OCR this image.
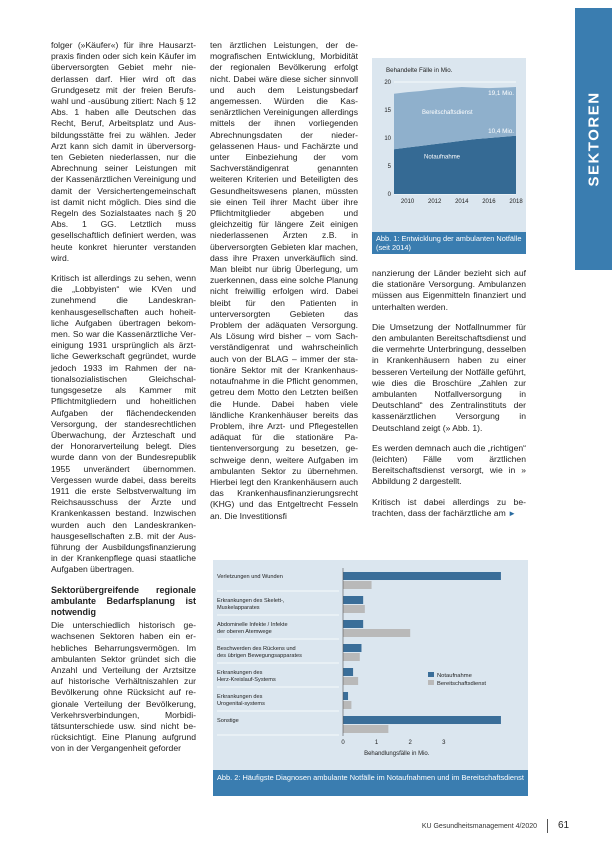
SEKTOREN

folger (»Käufer«) für ihre Hausarztpraxis finden oder sich kein Käufer im überversorgten Gebiet mehr niederlassen darf. Hier wird oft das Grundgesetz mit der freien Berufswahl und -ausübung zitiert: Nach § 12 Abs. 1 haben alle Deutschen das Recht, Beruf, Arbeitsplatz und Ausbildungsstätte frei zu wählen. Jeder Arzt kann sich damit in überversorgten Gebieten niederlassen, nur die Abrechnung seiner Leistungen mit der Kassenärztlichen Vereinigung und damit der Versichertengemeinschaft ist damit nicht möglich. Dies sind die Regeln des Sozialstaates nach § 20 Abs. 1 GG. Letztlich muss gesellschaftlich definiert werden, was heute konkret hierunter verstanden wird.

Kritisch ist allerdings zu sehen, wenn die „Lobbyisten“ wie KVen und zunehmend die Landeskrankenhausgesellschaften auch hoheitliche Aufgaben übertragen bekommen. So war die Kassenärztliche Vereinigung 1931 ursprünglich als ärztliche Gewerkschaft gegründet, wurde jedoch 1933 im Rahmen der nationalsozialistischen Gleichschaltungsgesetze als Kammer mit Pflichtmitgliedern und hoheitlichen Aufgaben der flächendeckenden Versorgung, der standesrechtlichen Überwachung, der Ärzteschaft und der Honorarverteilung belegt. Dies wurde dann von der Bundesrepublik 1955 unverändert übernommen. Vergessen wurde dabei, dass bereits 1911 die erste Selbstverwaltung im Reichsausschuss der Ärzte und Krankenkassen bestand. Inzwischen wurden auch den Landeskrankenhausgesellschaften z.B. mit der Ausführung der Ausbildungsfinanzierung in der Krankenpflege quasi staatliche Aufgaben übertragen.

Sektorübergreifende regionale ambulante Bedarfsplanung ist notwendig

Die unterschiedlich historisch gewachsenen Sektoren haben ein erhebliches Beharrungsvermögen. Im ambulanten Sektor gründet sich die Anzahl und Verteilung der Arztsitze auf historische Verhältniszahlen zur Bevölkerung ohne Rücksicht auf regionale Verteilung der Bevölkerung, Verkehrsverbindungen, Morbiditätsunterschiede usw. sind nicht berücksichtigt. Eine Planung aufgrund von in der Vergangenheit geforder

ten ärztlichen Leistungen, der demografischen Entwicklung, Morbidität der regionalen Bevölkerung erfolgt nicht. Dabei wäre diese sicher sinnvoll und auch dem Leistungsbedarf angemessen. Würden die Kassenärztlichen Vereinigungen allerdings mittels der ihnen vorliegenden Abrechnungsdaten der niedergelassenen Haus- und Fachärzte und unter Einbeziehung der vom Sachverständigenrat genannten weiteren Kriterien und Beteiligten des Gesundheitswesens planen, müssten sie einen Teil ihrer Macht über ihre Pflichtmitglieder abgeben und gleichzeitig für längere Zeit einigen niederlassenen Ärzten z.B. in überversorgten Gebieten klar machen, dass ihre Praxen unverkäuflich sind. Man bleibt nur übrig Überlegung, um zuerkennen, dass eine solche Planung nicht freiwillig erfolgen wird. Dabei bleibt für den Patienten in unterversorgten Gebieten das Problem der adäquaten Versorgung. Als Lösung wird bisher – vom Sachverständigenrat und wahrscheinlich auch von der BLAG – immer der stationäre Sektor mit der Krankenhausnotaufnahme in die Pflicht genommen, getreu dem Motto den Letzten beißen die Hunde. Dabei haben viele ländliche Krankenhäuser bereits das Problem, ihre Arzt- und Pflegestellen adäquat für die stationäre Patientenversorgung zu besetzen, geschweige denn, weitere Aufgaben im ambulanten Sektor zu übernehmen. Hierbei legt den Krankenhäusern auch das Krankenhausfinanzierungsrecht (KHG) und das Entgeltrecht Fesseln an. Die Investitionsfi

nanzierung der Länder bezieht sich auf die stationäre Versorgung. Ambulanzen müssen aus Eigenmitteln finanziert und unterhalten werden.

Die Umsetzung der Notfallnummer für den ambulanten Bereitschaftsdienst und die vermehrte Unterbringung, desselben in Krankenhäusern haben zu einer besseren Verteilung der Notfälle geführt, wie dies die Broschüre „Zahlen zur ambulanten Notfallversorgung in Deutschland“ des Zentralinstituts der kassenärztlichen Versorgung in Deutschland zeigt (» Abb. 1).

Es werden demnach auch die „richtigen“ (leichten) Fälle vom ärztlichen Bereitschaftsdienst versorgt, wie in » Abbildung 2 dargestellt.

Kritisch ist dabei allerdings zu betrachten, dass der fachärztliche am ►

Behandelte Fälle in Mio.
0
5
10
15
20
Notaufnahme
Bereitschaftsdienst
19,1 Mio.
10,4 Mio.
2010 2012 2014 2016 2018
Abb. 1: Entwicklung der ambulanten Notfälle (seit 2014)
0	1	2	3
Behandlungsfälle in Mio.
Verletzungen und Wunden
Erkrankungen des Skelett-,
Muskelapparates
Abdominelle Infekte / Infekte
der oberen Atemwege
Beschwerden des Rückens und
des übrigen Bewegungsapparates
Erkrankungen des
Herz-Kreislauf-Systems
Erkrankungen des
Urogenital-systems
Sonstige
Notaufnahme
Bereitschaftsdienst
Abb. 2: Häufigste Diagnosen ambulante Notfälle im Notaufnahmen und im Bereitschaftsdienst
KU Gesundheitsmanagement 4/2020 61
